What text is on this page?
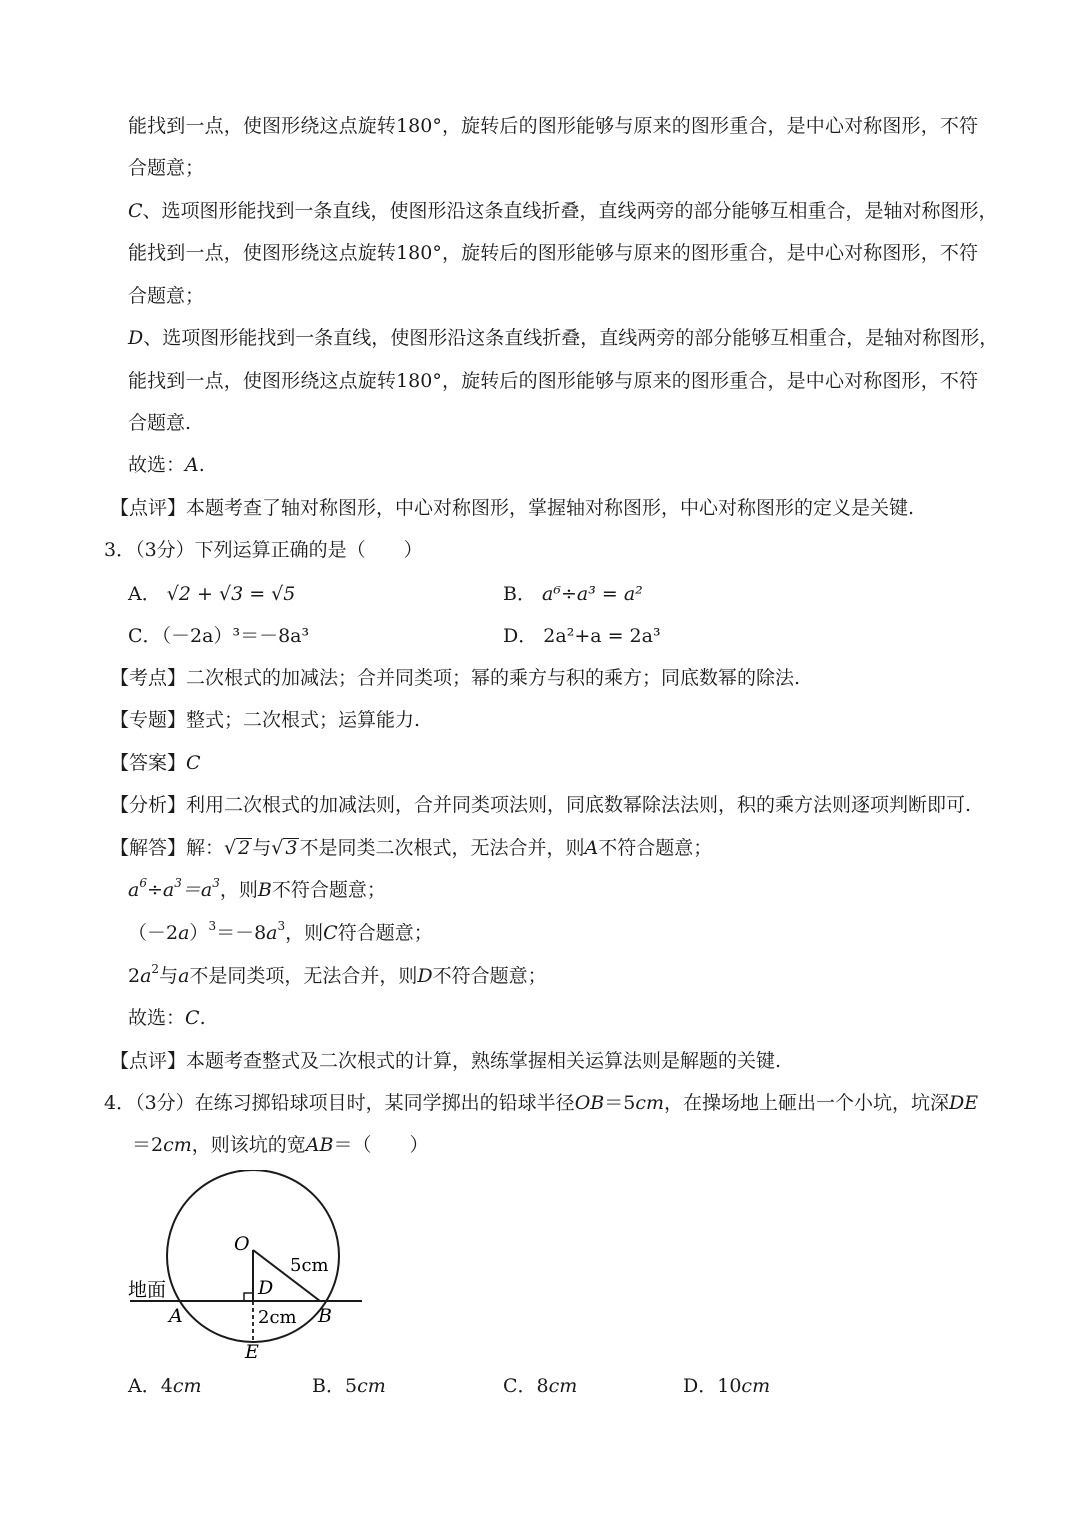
能找到一点，使图形绕这点旋转180°，旋转后的图形能够与原来的图形重合，是中心对称图形，不符
合题意；
C、选项图形能找到一条直线，使图形沿这条直线折叠，直线两旁的部分能够互相重合，是轴对称图形，
能找到一点，使图形绕这点旋转180°，旋转后的图形能够与原来的图形重合，是中心对称图形，不符
合题意；
D、选项图形能找到一条直线，使图形沿这条直线折叠，直线两旁的部分能够互相重合，是轴对称图形，
能找到一点，使图形绕这点旋转180°，旋转后的图形能够与原来的图形重合，是中心对称图形，不符
合题意.
故选：A.
【点评】本题考查了轴对称图形，中心对称图形，掌握轴对称图形，中心对称图形的定义是关键.
3．（3分）下列运算正确的是（　　）
A． √2 + √3 = √5	B． a⁶÷a³ = a²
C．（－2a）³＝－8a³	D． 2a²+a = 2a³
【考点】二次根式的加减法；合并同类项；幂的乘方与积的乘方；同底数幂的除法.
【专题】整式；二次根式；运算能力.
【答案】C
【分析】利用二次根式的加减法则，合并同类项法则，同底数幂除法法则，积的乘方法则逐项判断即可.
【解答】解：√ 2 与√ 3 不是同类二次根式，无法合并，则A不符合题意；
$a^6\div a^3=a^3$，则B不符合题意；
$(-2a)^3=-8a^3$，则C符合题意；
$2a^2$与a不是同类项，无法合并，则D不符合题意；
故选：C.
【点评】本题考查整式及二次根式的计算，熟练掌握相关运算法则是解题的关键.
4．（3分）在练习掷铅球项目时，某同学掷出的铅球半径OB＝5cm，在操场地上砸出一个小坑，坑深DE
＝2cm，则该坑的宽AB＝（　　）
O
5cm
地面	D
A	2cm B
E
A．4cm	B．5cm	C．8cm	D．10cm
